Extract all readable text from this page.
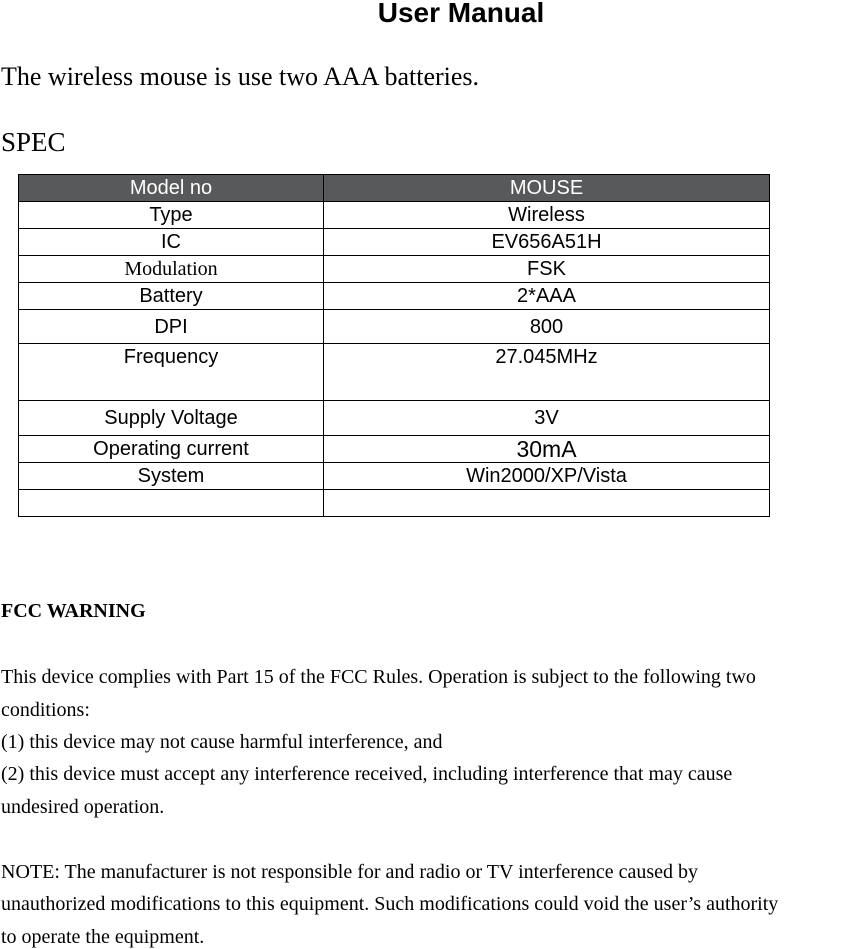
User Manual
The wireless mouse is use two AAA batteries.
SPEC
Model no	MOUSE
Type	Wireless
IC	EV656A51H
Modulation	FSK
Battery	2*AAA
DPI	800
Frequency	27.045MHz
Supply Voltage	3V
Operating current	30mA
System	Win2000/XP/Vista

FCC WARNING
This device complies with Part 15 of the FCC Rules. Operation is subject to the following two
conditions:
(1) this device may not cause harmful interference, and
(2) this device must accept any interference received, including interference that may cause
undesired operation.
NOTE: The manufacturer is not responsible for and radio or TV interference caused by
unauthorized modifications to this equipment. Such modifications could void the user’s authority
to operate the equipment.
